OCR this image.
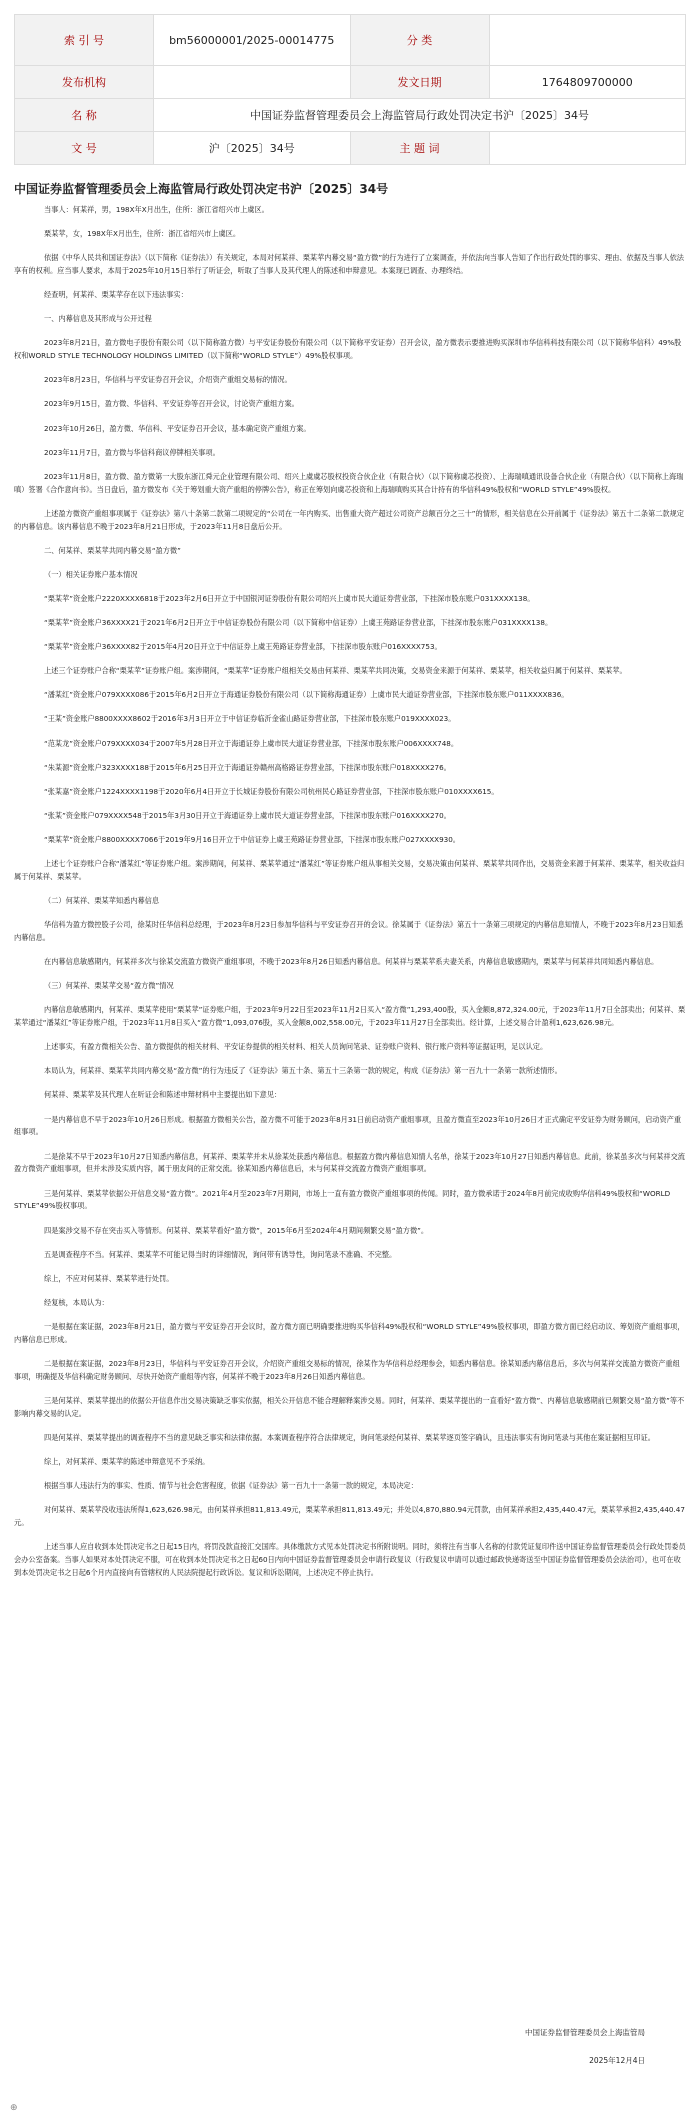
索 引 号	bm56000001/2025-00014775	分 类	
发布机构		发文日期	1764809700000
名 称	中国证券监督管理委员会上海监管局行政处罚决定书沪〔2025〕34号		
文 号	沪〔2025〕34号	主 题 词	
中国证券监督管理委员会上海监管局行政处罚决定书沪〔2025〕34号

当事人：何某祥，男，198X年X月出生，住所：浙江省绍兴市上虞区。

栗某苹，女，198X年X月出生，住所：浙江省绍兴市上虞区。

依据《中华人民共和国证券法》（以下简称《证券法》）有关规定，本局对何某祥、栗某苹内幕交易“盈方微”的行为进行了立案调查，并依法向当事人告知了作出行政处罚的事实、理由、依据及当事人依法享有的权利。应当事人要求，本局于2025年10月15日举行了听证会，听取了当事人及其代理人的陈述和申辩意见。本案现已调查、办理终结。

经查明，何某祥、栗某苹存在以下违法事实：

一、内幕信息及其形成与公开过程

2023年8月21日，盈方微电子股份有限公司（以下简称盈方微）与平安证券股份有限公司（以下简称平安证券）召开会议，盈方微表示要推进购买深圳市华信科科技有限公司（以下简称华信科）49%股权和WORLD STYLE TECHNOLOGY HOLDINGS LIMITED（以下简称“WORLD STYLE”）49%股权事项。

2023年8月23日，华信科与平安证券召开会议，介绍资产重组交易标的情况。

2023年9月15日，盈方微、华信科、平安证券等召开会议，讨论资产重组方案。

2023年10月26日，盈方微、华信科、平安证券召开会议，基本确定资产重组方案。

2023年11月7日，盈方微与华信科商议停牌相关事项。

2023年11月8日，盈方微、盈方微第一大股东浙江舜元企业管理有限公司、绍兴上虞虞芯股权投资合伙企业（有限合伙）（以下简称虞芯投资）、上海瑞嗔通讯设备合伙企业（有限合伙）（以下简称上海瑞嗔）签署《合作意向书》。当日盘后，盈方微发布《关于筹划重大资产重组的停牌公告》，称正在筹划向虞芯投资和上海瑞嗔购买其合计持有的华信科49%股权和“WORLD STYLE”49%股权。

上述盈方微资产重组事项属于《证券法》第八十条第二款第二项规定的“公司在一年内购买、出售重大资产超过公司资产总额百分之三十”的情形，相关信息在公开前属于《证券法》第五十二条第二款规定的内幕信息。该内幕信息不晚于2023年8月21日形成，于2023年11月8日盘后公开。

二、何某祥、栗某苹共同内幕交易“盈方微”

（一）相关证券账户基本情况

“栗某苹”资金账户2220XXXX6818于2023年2月6日开立于中国银河证券股份有限公司绍兴上虞市民大道证券营业部，下挂深市股东账户031XXXX138。

“栗某苹”资金账户36XXXX21于2021年6月2日开立于中信证券股份有限公司（以下简称中信证券）上虞王苑路证券营业部，下挂深市股东账户031XXXX138。

“栗某苹”资金账户36XXXX82于2015年4月20日开立于中信证券上虞王苑路证券营业部，下挂深市股东账户016XXXX753。

上述三个证券账户合称“栗某苹”证券账户组。案涉期间，“栗某苹”证券账户组相关交易由何某祥、栗某苹共同决策，交易资金来源于何某祥、栗某苹，相关收益归属于何某祥、栗某苹。

“潘某红”资金账户079XXXX086于2015年6月2日开立于海通证券股份有限公司（以下简称海通证券）上虞市民大道证券营业部，下挂深市股东账户011XXXX836。

“王某”资金账户8800XXXX8602于2016年3月3日开立于中信证券临沂金雀山路证券营业部，下挂深市股东账户019XXXX023。

“范某龙”资金账户079XXXX034于2007年5月28日开立于海通证券上虞市民大道证券营业部，下挂深市股东账户006XXXX748。

“朱某源”资金账户323XXXX188于2015年6月25日开立于海通证券赣州高格路证券营业部，下挂深市股东账户018XXXX276。

“张某嘉”资金账户1224XXXX1198于2020年6月4日开立于长城证券股份有限公司杭州民心路证券营业部，下挂深市股东账户010XXXX615。

“张某”资金账户079XXXX548于2015年3月30日开立于海通证券上虞市民大道证券营业部，下挂深市股东账户016XXXX270。

“栗某苹”资金账户8800XXXX7066于2019年9月16日开立于中信证券上虞王苑路证券营业部，下挂深市股东账户027XXXX930。

上述七个证券账户合称“潘某红”等证券账户组。案涉期间，何某祥、栗某苹通过“潘某红”等证券账户组从事相关交易，交易决策由何某祥、栗某苹共同作出，交易资金来源于何某祥、栗某苹，相关收益归属于何某祥、栗某苹。

（二）何某祥、栗某苹知悉内幕信息

华信科为盈方微控股子公司，徐某时任华信科总经理，于2023年8月23日参加华信科与平安证券召开的会议。徐某属于《证券法》第五十一条第三项规定的内幕信息知情人，不晚于2023年8月23日知悉内幕信息。

在内幕信息敏感期内，何某祥多次与徐某交流盈方微资产重组事项，不晚于2023年8月26日知悉内幕信息。何某祥与栗某苹系夫妻关系，内幕信息敏感期内，栗某苹与何某祥共同知悉内幕信息。

（三）何某祥、栗某苹交易“盈方微”情况

内幕信息敏感期内，何某祥、栗某苹使用“栗某苹”证券账户组，于2023年9月22日至2023年11月2日买入“盈方微”1,293,400股，买入金额8,872,324.00元，于2023年11月7日全部卖出；何某祥、栗某苹通过“潘某红”等证券账户组，于2023年11月8日买入“盈方微”1,093,076股，买入金额8,002,558.00元，于2023年11月27日全部卖出。经计算，上述交易合计盈利1,623,626.98元。

上述事实，有盈方微相关公告、盈方微提供的相关材料、平安证券提供的相关材料、相关人员询问笔录、证券账户资料、银行账户资料等证据证明，足以认定。

本局认为，何某祥、栗某苹共同内幕交易“盈方微”的行为违反了《证券法》第五十条、第五十三条第一款的规定，构成《证券法》第一百九十一条第一款所述情形。

何某祥、栗某苹及其代理人在听证会和陈述申辩材料中主要提出如下意见：

一是内幕信息不早于2023年10月26日形成。根据盈方微相关公告，盈方微不可能于2023年8月31日前启动资产重组事项，且盈方微直至2023年10月26日才正式确定平安证券为财务顾问，启动资产重组事项。

二是徐某不早于2023年10月27日知悉内幕信息，何某祥、栗某苹并未从徐某处获悉内幕信息。根据盈方微内幕信息知情人名单，徐某于2023年10月27日知悉内幕信息。此前，徐某虽多次与何某祥交流盈方微资产重组事项，但并未涉及实质内容，属于朋友间的正常交流。徐某知悉内幕信息后，未与何某祥交流盈方微资产重组事项。

三是何某祥、栗某苹依据公开信息交易“盈方微”。2021年4月至2023年7月期间，市场上一直有盈方微资产重组事项的传闻。同时，盈方微承诺于2024年8月前完成收购华信科49%股权和“WORLD STYLE”49%股权事项。

四是案涉交易不存在突击买入等情形。何某祥、栗某苹看好“盈方微”，2015年6月至2024年4月期间频繁交易“盈方微”。

五是调查程序不当。何某祥、栗某苹不可能记得当时的详细情况，询问带有诱导性，询问笔录不准确、不完整。

综上，不应对何某祥、栗某苹进行处罚。

经复核，本局认为：

一是根据在案证据，2023年8月21日，盈方微与平安证券召开会议时，盈方微方面已明确要推进购买华信科49%股权和“WORLD STYLE”49%股权事项，即盈方微方面已经启动议、筹划资产重组事项，内幕信息已形成。

二是根据在案证据，2023年8月23日，华信科与平安证券召开会议，介绍资产重组交易标的情况，徐某作为华信科总经理参会，知悉内幕信息。徐某知悉内幕信息后，多次与何某祥交流盈方微资产重组事项，明确提及华信科确定财务顾问、尽快开始资产重组等内容，何某祥不晚于2023年8月26日知悉内幕信息。

三是何某祥、栗某苹提出的依据公开信息作出交易决策缺乏事实依据，相关公开信息不能合理解释案涉交易。同时，何某祥、栗某苹提出的一直看好“盈方微”、内幕信息敏感期前已频繁交易“盈方微”等不影响内幕交易的认定。

四是何某祥、栗某苹提出的调查程序不当的意见缺乏事实和法律依据。本案调查程序符合法律规定，询问笔录经何某祥、栗某苹逐页签字确认，且违法事实有询问笔录与其他在案证据相互印证。

综上，对何某祥、栗某苹的陈述申辩意见不予采纳。

根据当事人违法行为的事实、性质、情节与社会危害程度，依据《证券法》第一百九十一条第一款的规定，本局决定：

对何某祥、栗某苹没收违法所得1,623,626.98元，由何某祥承担811,813.49元，栗某苹承担811,813.49元；并处以4,870,880.94元罚款，由何某祥承担2,435,440.47元，栗某苹承担2,435,440.47元。

上述当事人应自收到本处罚决定书之日起15日内，将罚没款直接汇交国库。具体缴款方式见本处罚决定书所附说明。同时，须将注有当事人名称的付款凭证复印件送中国证券监督管理委员会行政处罚委员会办公室备案。当事人如果对本处罚决定不服，可在收到本处罚决定书之日起60日内向中国证券监督管理委员会申请行政复议（行政复议申请可以通过邮政快递寄送至中国证券监督管理委员会法治司），也可在收到本处罚决定书之日起6个月内直接向有管辖权的人民法院提起行政诉讼。复议和诉讼期间，上述决定不停止执行。

中国证券监督管理委员会上海监管局
2025年12月4日
⊕
